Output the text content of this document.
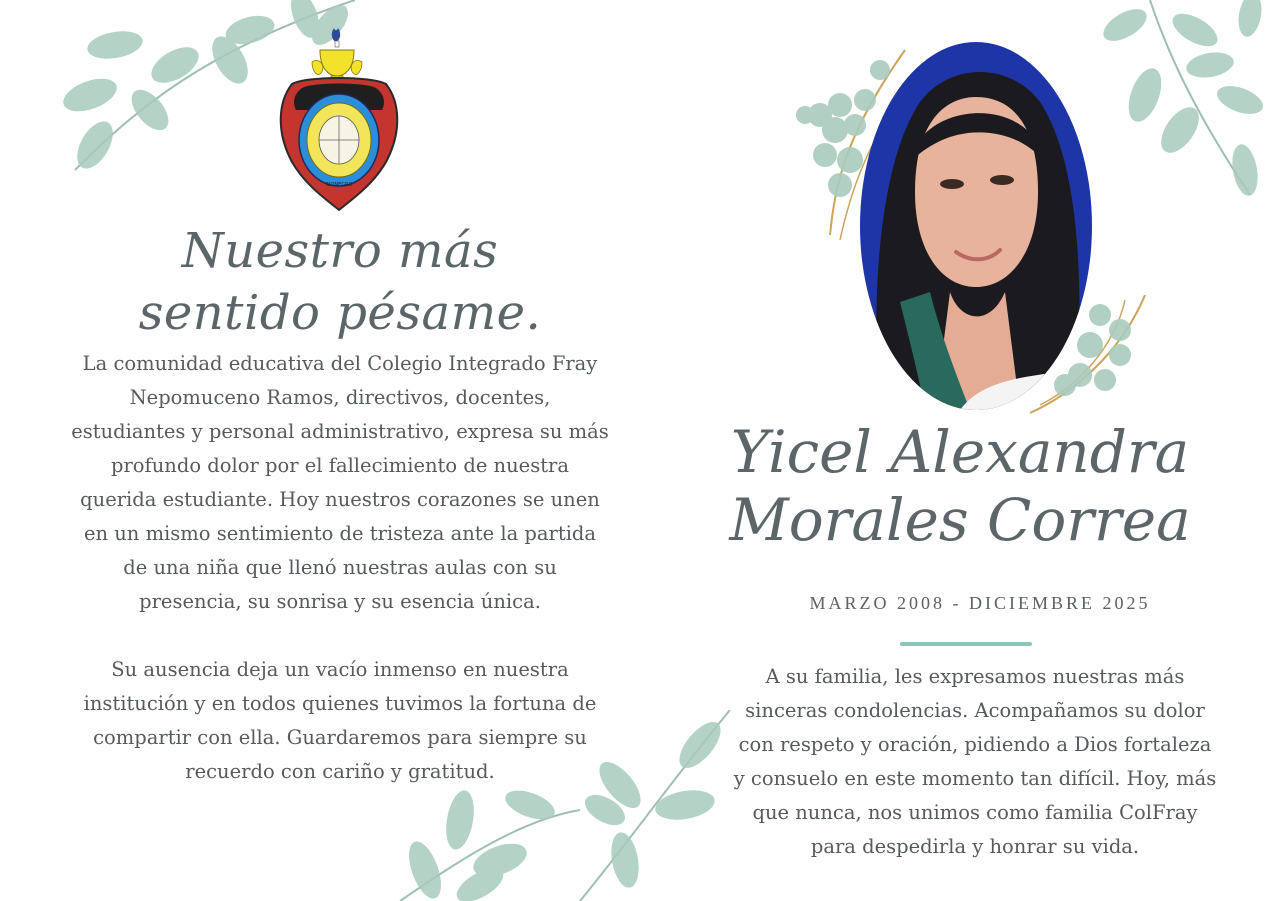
RIONEGRO
Nuestro más
sentido pésame.
La comunidad educativa del Colegio Integrado Fray Nepomuceno Ramos, directivos, docentes, estudiantes y personal administrativo, expresa su más profundo dolor por el fallecimiento de nuestra querida estudiante. Hoy nuestros corazones se unen en un mismo sentimiento de tristeza ante la partida de una niña que llenó nuestras aulas con su presencia, su sonrisa y su esencia única.
Su ausencia deja un vacío inmenso en nuestra institución y en todos quienes tuvimos la fortuna de compartir con ella. Guardaremos para siempre su recuerdo con cariño y gratitud.
Yicel Alexandra
Morales Correa
MARZO 2008 - DICIEMBRE 2025
A su familia, les expresamos nuestras más sinceras condolencias. Acompañamos su dolor con respeto y oración, pidiendo a Dios fortaleza y consuelo en este momento tan difícil. Hoy, más que nunca, nos unimos como familia ColFray para despedirla y honrar su vida.
